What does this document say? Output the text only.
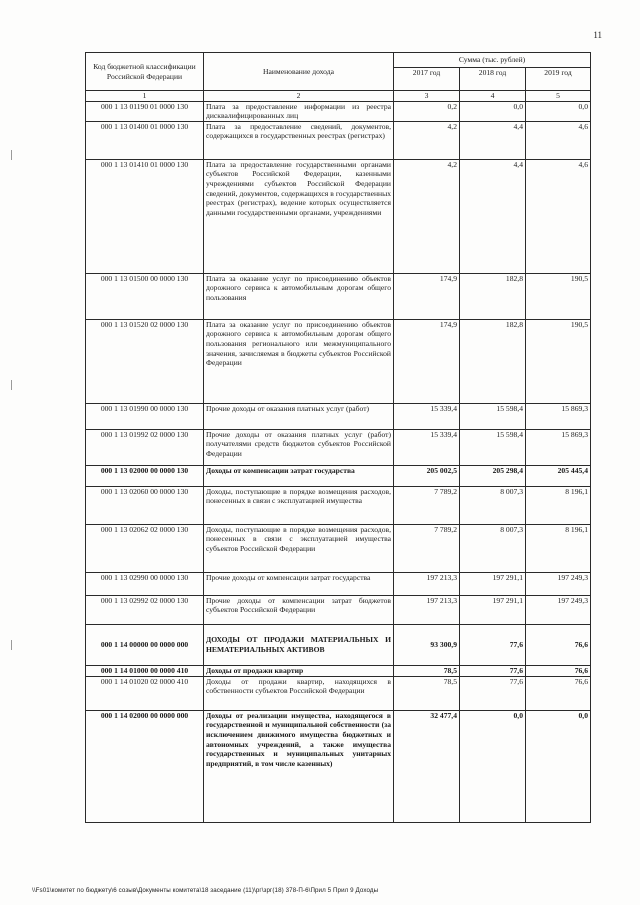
11
Код бюджетной классификации Российской Федерации	Наименование дохода	Сумма (тыс. рублей)		
		2017 год	2018 год	2019 год
1	2	3	4	5
000 1 13 01190 01 0000 130	Плата за предоставление информации из реестра дисквалифицированных лиц	0,2	0,0	0,0
000 1 13 01400 01 0000 130	Плата за предоставление сведений, документов, содержащихся в государственных реестрах (регистрах)	4,2	4,4	4,6
000 1 13 01410 01 0000 130	Плата за предоставление государственными органами субъектов Российской Федерации, казенными учреждениями субъектов Российской Федерации сведений, документов, содержащихся в государственных реестрах (регистрах), ведение которых осуществляется данными государственными органами, учреждениями	4,2	4,4	4,6
000 1 13 01500 00 0000 130	Плата за оказание услуг по присоединению объектов дорожного сервиса к автомобильным дорогам общего пользования	174,9	182,8	190,5
000 1 13 01520 02 0000 130	Плата за оказание услуг по присоединению объектов дорожного сервиса к автомобильным дорогам общего пользования регионального или межмуниципального значения, зачисляемая в бюджеты субъектов Российской Федерации	174,9	182,8	190,5
000 1 13 01990 00 0000 130	Прочие доходы от оказания платных услуг (работ)	15 339,4	15 598,4	15 869,3
000 1 13 01992 02 0000 130	Прочие доходы от оказания платных услуг (работ) получателями средств бюджетов субъектов Российской Федерации	15 339,4	15 598,4	15 869,3
000 1 13 02000 00 0000 130	Доходы от компенсации затрат государства	205 002,5	205 298,4	205 445,4
000 1 13 02060 00 0000 130	Доходы, поступающие в порядке возмещения расходов, понесенных в связи с эксплуатацией имущества	7 789,2	8 007,3	8 196,1
000 1 13 02062 02 0000 130	Доходы, поступающие в порядке возмещения расходов, понесенных в связи с эксплуатацией имущества субъектов Российской Федерации	7 789,2	8 007,3	8 196,1
000 1 13 02990 00 0000 130	Прочие доходы от компенсации затрат государства	197 213,3	197 291,1	197 249,3
000 1 13 02992 02 0000 130	Прочие доходы от компенсации затрат бюджетов субъектов Российской Федерации	197 213,3	197 291,1	197 249,3
000 1 14 00000 00 0000 000	ДОХОДЫ ОТ ПРОДАЖИ МАТЕРИАЛЬНЫХ И НЕМАТЕРИАЛЬНЫХ АКТИВОВ	93 300,9	77,6	76,6
000 1 14 01000 00 0000 410	Доходы от продажи квартир	78,5	77,6	76,6
000 1 14 01020 02 0000 410	Доходы от продажи квартир, находящихся в собственности субъектов Российской Федерации	78,5	77,6	76,6
000 1 14 02000 00 0000 000	Доходы от реализации имущества, находящегося в государственной и муниципальной собственности (за исключением движимого имущества бюджетных и автономных учреждений, а также имущества государственных и муниципальных унитарных предприятий, в том числе казенных)	32 477,4	0,0	0,0
\\Fs01\комитет по бюджету\6 созыв\Документы комитета\18 заседание (11)\рг\зрг(18) 378-П-6\Прил 5 Прил 9 Доходы
